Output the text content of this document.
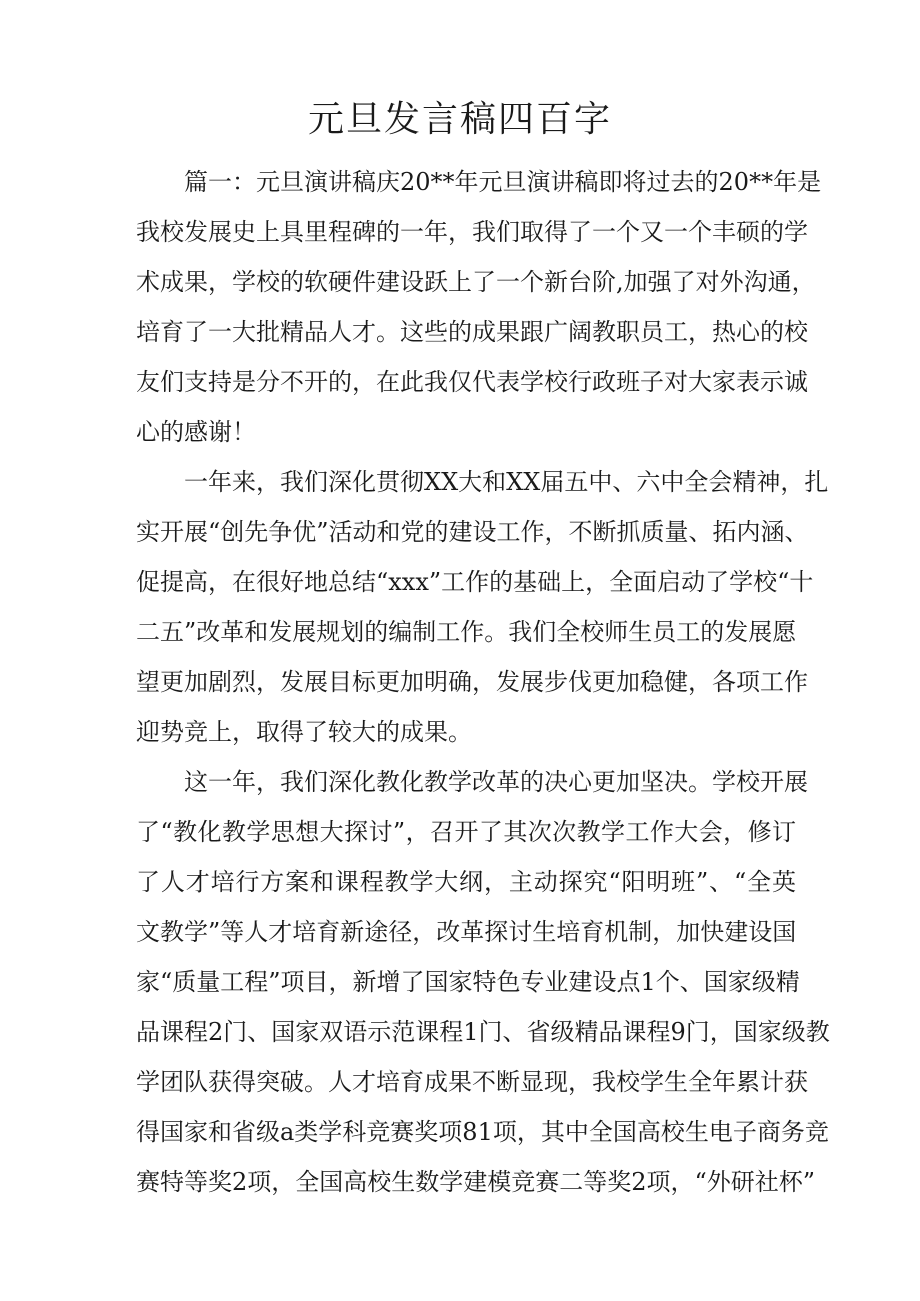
元旦发言稿四百字
篇一：元旦演讲稿庆20**年元旦演讲稿即将过去的20**年是
我校发展史上具里程碑的一年，我们取得了一个又一个丰硕的学
术成果，学校的软硬件建设跃上了一个新台阶,加强了对外沟通，
培育了一大批精品人才。这些的成果跟广阔教职员工，热心的校
友们支持是分不开的，在此我仅代表学校行政班子对大家表示诚
心的感谢！
一年来，我们深化贯彻XX大和XX届五中、六中全会精神，扎
实开展“创先争优”活动和党的建设工作，不断抓质量、拓内涵、
促提高，在很好地总结“xxx”工作的基础上，全面启动了学校“十
二五”改革和发展规划的编制工作。我们全校师生员工的发展愿
望更加剧烈，发展目标更加明确，发展步伐更加稳健，各项工作
迎势竞上，取得了较大的成果。
这一年，我们深化教化教学改革的决心更加坚决。学校开展
了“教化教学思想大探讨”，召开了其次次教学工作大会，修订
了人才培行方案和课程教学大纲，主动探究“阳明班”、“全英
文教学”等人才培育新途径，改革探讨生培育机制，加快建设国
家“质量工程”项目，新增了国家特色专业建设点1个、国家级精
品课程2门、国家双语示范课程1门、省级精品课程9门，国家级教
学团队获得突破。人才培育成果不断显现，我校学生全年累计获
得国家和省级a类学科竞赛奖项81项，其中全国高校生电子商务竞
赛特等奖2项，全国高校生数学建模竞赛二等奖2项，“外研社杯”
